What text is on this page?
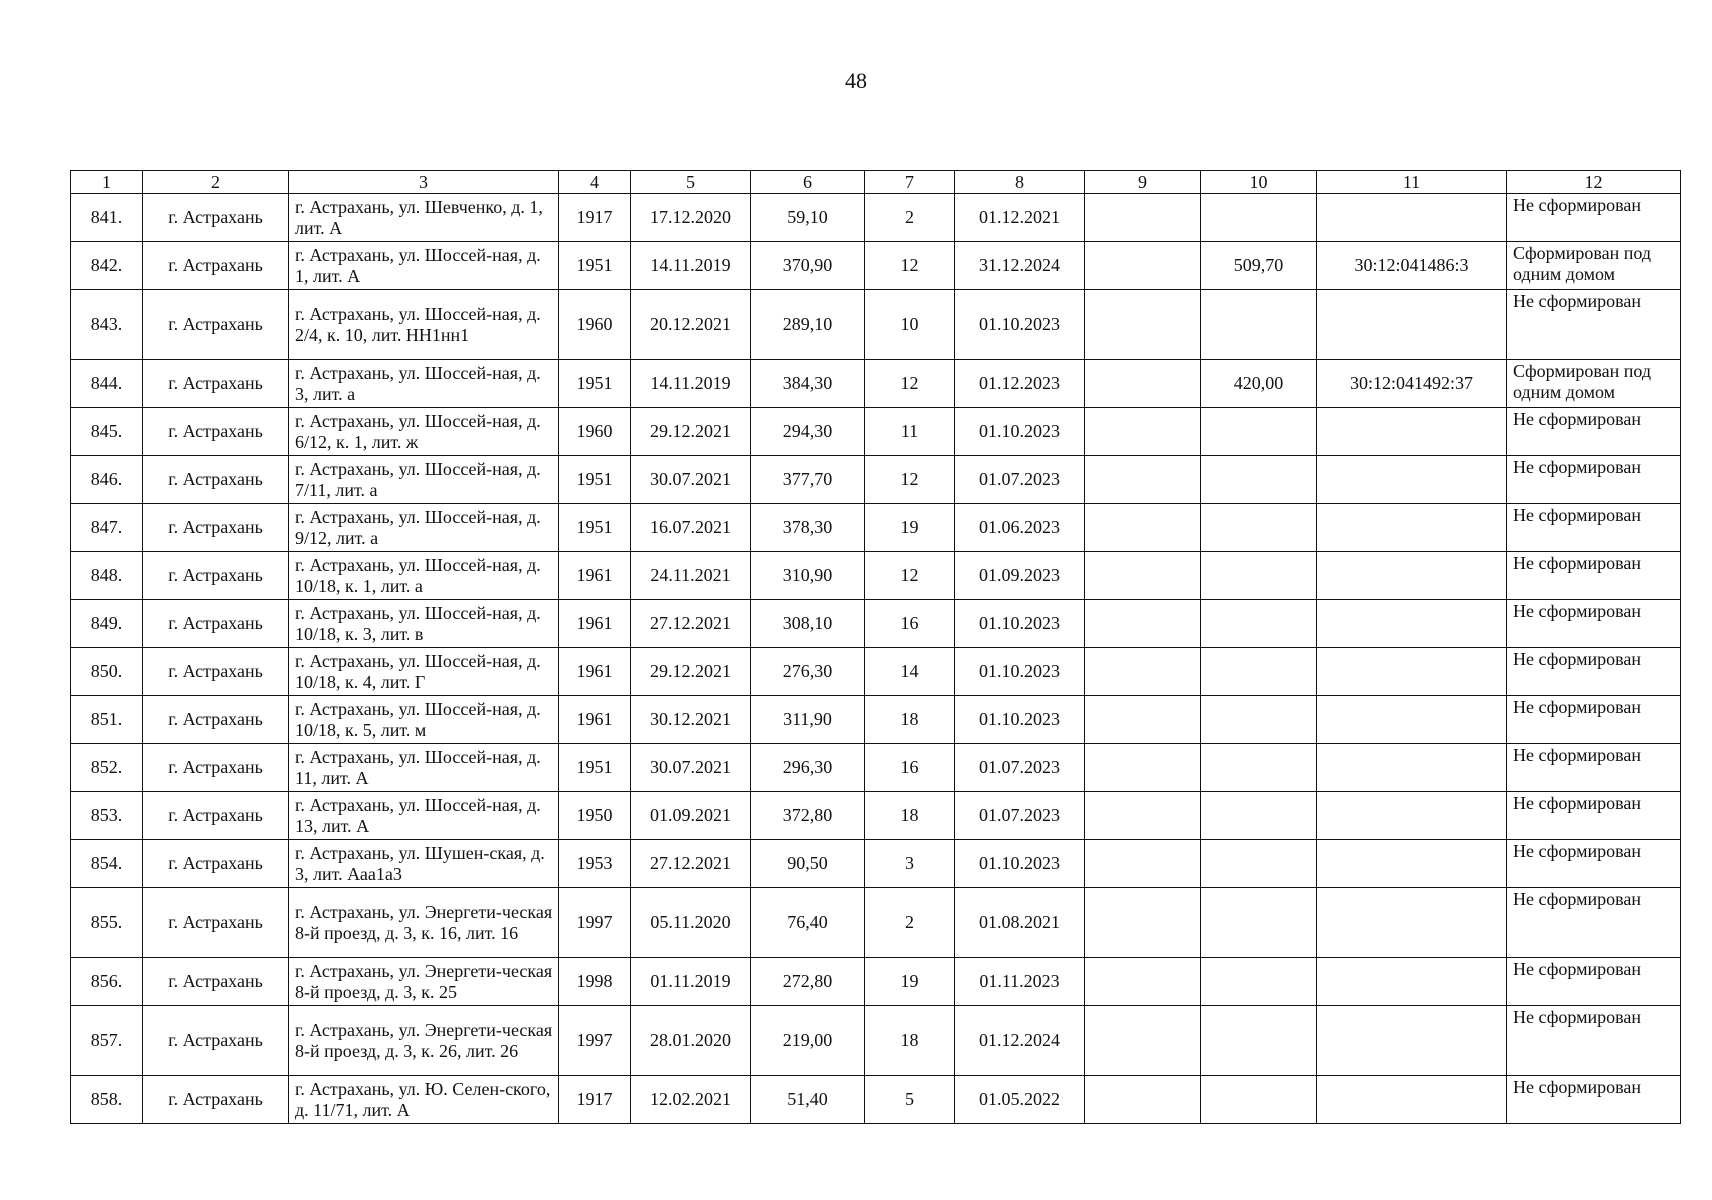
48
1	2	3	4	5	6	7	8	9	10	11	12
841.	г. Астрахань	г. Астрахань, ул. Шевченко, д. 1, лит. А	1917	17.12.2020	59,10	2	01.12.2021				Не сформирован
842.	г. Астрахань	г. Астрахань, ул. Шоссей-ная, д. 1, лит. А	1951	14.11.2019	370,90	12	31.12.2024		509,70	30:12:041486:3	Сформирован под одним домом
843.	г. Астрахань	г. Астрахань, ул. Шоссей-ная, д. 2/4, к. 10, лит. НН1нн1	1960	20.12.2021	289,10	10	01.10.2023				Не сформирован
844.	г. Астрахань	г. Астрахань, ул. Шоссей-ная, д. 3, лит. а	1951	14.11.2019	384,30	12	01.12.2023		420,00	30:12:041492:37	Сформирован под одним домом
845.	г. Астрахань	г. Астрахань, ул. Шоссей-ная, д. 6/12, к. 1, лит. ж	1960	29.12.2021	294,30	11	01.10.2023				Не сформирован
846.	г. Астрахань	г. Астрахань, ул. Шоссей-ная, д. 7/11, лит. а	1951	30.07.2021	377,70	12	01.07.2023				Не сформирован
847.	г. Астрахань	г. Астрахань, ул. Шоссей-ная, д. 9/12, лит. а	1951	16.07.2021	378,30	19	01.06.2023				Не сформирован
848.	г. Астрахань	г. Астрахань, ул. Шоссей-ная, д. 10/18, к. 1, лит. а	1961	24.11.2021	310,90	12	01.09.2023				Не сформирован
849.	г. Астрахань	г. Астрахань, ул. Шоссей-ная, д. 10/18, к. 3, лит. в	1961	27.12.2021	308,10	16	01.10.2023				Не сформирован
850.	г. Астрахань	г. Астрахань, ул. Шоссей-ная, д. 10/18, к. 4, лит. Г	1961	29.12.2021	276,30	14	01.10.2023				Не сформирован
851.	г. Астрахань	г. Астрахань, ул. Шоссей-ная, д. 10/18, к. 5, лит. м	1961	30.12.2021	311,90	18	01.10.2023				Не сформирован
852.	г. Астрахань	г. Астрахань, ул. Шоссей-ная, д. 11, лит. А	1951	30.07.2021	296,30	16	01.07.2023				Не сформирован
853.	г. Астрахань	г. Астрахань, ул. Шоссей-ная, д. 13, лит. А	1950	01.09.2021	372,80	18	01.07.2023				Не сформирован
854.	г. Астрахань	г. Астрахань, ул. Шушен-ская, д. 3, лит. Ааа1а3	1953	27.12.2021	90,50	3	01.10.2023				Не сформирован
855.	г. Астрахань	г. Астрахань, ул. Энергети-ческая 8-й проезд, д. 3, к. 16, лит. 16	1997	05.11.2020	76,40	2	01.08.2021				Не сформирован
856.	г. Астрахань	г. Астрахань, ул. Энергети-ческая 8-й проезд, д. 3, к. 25	1998	01.11.2019	272,80	19	01.11.2023				Не сформирован
857.	г. Астрахань	г. Астрахань, ул. Энергети-ческая 8-й проезд, д. 3, к. 26, лит. 26	1997	28.01.2020	219,00	18	01.12.2024				Не сформирован
858.	г. Астрахань	г. Астрахань, ул. Ю. Селен-ского, д. 11/71, лит. А	1917	12.02.2021	51,40	5	01.05.2022				Не сформирован
